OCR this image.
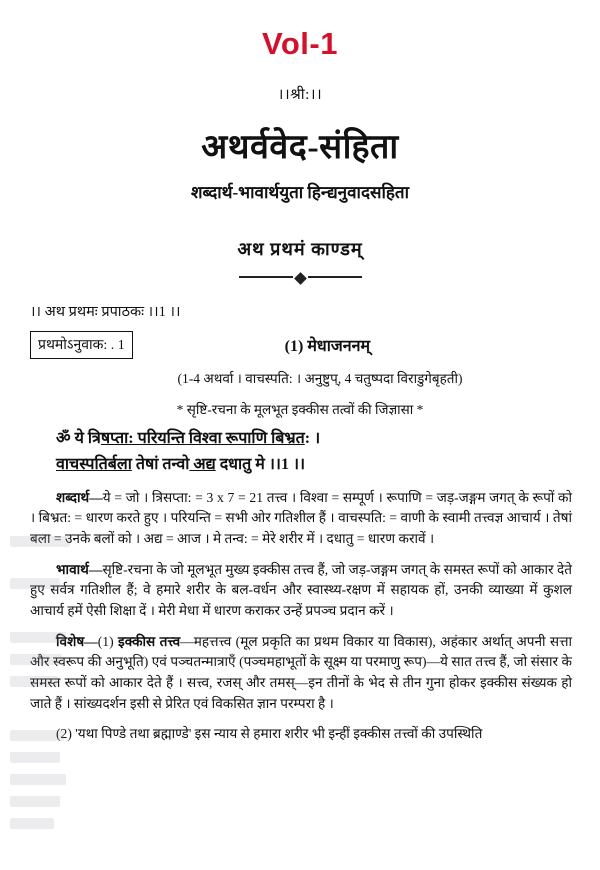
Vol-1
।।श्री:।।
अथर्ववेद-संहिता
शब्दार्थ-भावार्थयुता हिन्द्यनुवादसहिता
अथ प्रथमं काण्डम्
।। अथ प्रथमः प्रपाठकः ।।1 ।।
प्रथमोऽनुवाक: . 1	(1) मेधाजननम्
(1-4 अथर्वा । वाचस्पति: । अनुष्टुप्, 4 चतुष्पदा विराडुगेबृहती)
* सृष्टि-रचना के मूलभूत इक्कीस तत्वों की जिज्ञासा *
ॐ ये त्रिषप्ता: परियन्ति विश्वा रूपाणि बिभ्रत: ।
वाचस्पतिर्बला तेषां तन्वो अद्य दधातु मे ।।1 ।।
शब्दार्थ—ये = जो । त्रिसप्ता: = 3 x 7 = 21 तत्त्व । विश्वा = सम्पूर्ण । रूपाणि = जड़-जङ्गम जगत् के रूपों को । बिभ्रत: = धारण करते हुए । परियन्ति = सभी ओर गतिशील हैं । वाचस्पति: = वाणी के स्वामी तत्त्वज्ञ आचार्य । तेषां बला = उनके बलों को । अद्य = आज । मे तन्व: = मेरे शरीर में । दधातु = धारण करावें ।
भावार्थ—सृष्टि-रचना के जो मूलभूत मुख्य इक्कीस तत्त्व हैं, जो जड़-जङ्गम जगत् के समस्त रूपों को आकार देते हुए सर्वत्र गतिशील हैं; वे हमारे शरीर के बल-वर्धन और स्वास्थ्य-रक्षण में सहायक हों, उनकी व्याख्या में कुशल आचार्य हमें ऐसी शिक्षा दें । मेरी मेधा में धारण कराकर उन्हें प्रपञ्च प्रदान करें ।
विशेष—(1) इक्कीस तत्त्व—महत्तत्त्व (मूल प्रकृति का प्रथम विकार या विकास), अहंकार अर्थात् अपनी सत्ता और स्वरूप की अनुभूति) एवं पञ्चतन्मात्राएँ (पञ्चमहाभूतों के सूक्ष्म या परमाणु रूप)—ये सात तत्त्व हैं, जो संसार के समस्त रूपों को आकार देते हैं । सत्त्व, रजस् और तमस्—इन तीनों के भेद से तीन गुना होकर इक्कीस संख्यक हो जाते हैं । सांख्यदर्शन इसी से प्रेरित एवं विकसित ज्ञान परम्परा है ।
(2) 'यथा पिण्डे तथा ब्रह्माण्डे' इस न्याय से हमारा शरीर भी इन्हीं इक्कीस तत्त्वों की उपस्थिति
